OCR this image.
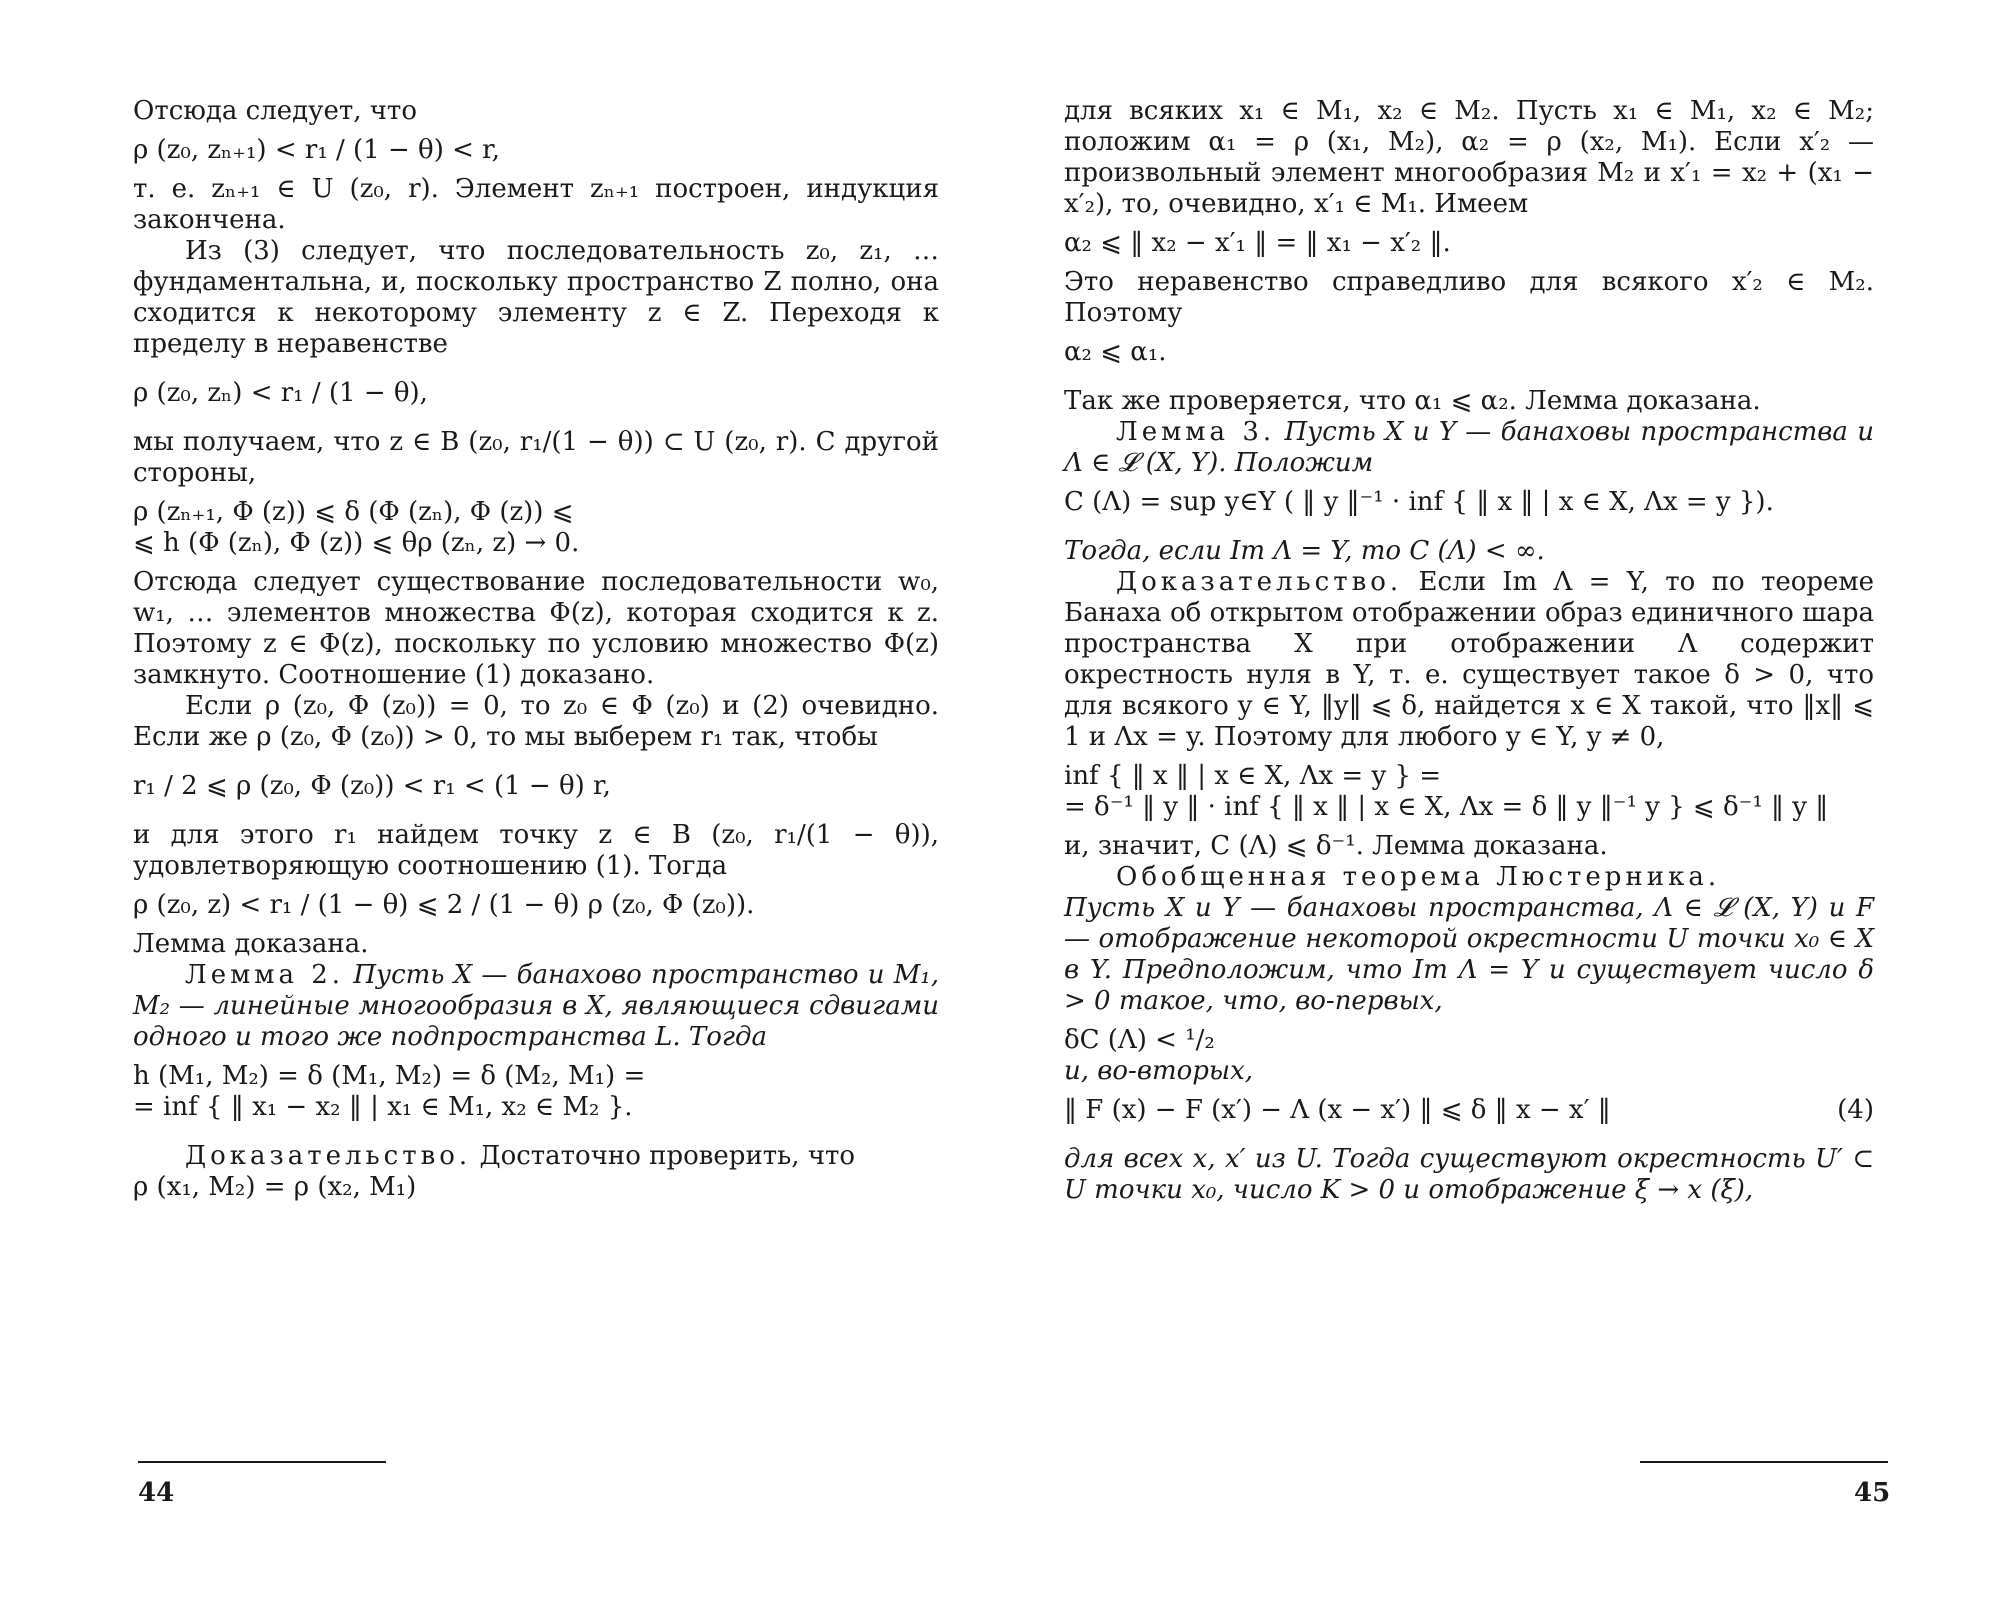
Отсюда следует, что

ρ (z₀, zₙ₊₁) < r₁ / (1 − θ) < r,

т. е. zₙ₊₁ ∈ U (z₀, r). Элемент zₙ₊₁ построен, индукция закончена.

Из (3) следует, что последовательность z₀, z₁, … фундаментальна, и, поскольку пространство Z полно, она сходится к некоторому элементу z ∈ Z. Переходя к пределу в неравенстве

ρ (z₀, zₙ) < r₁ / (1 − θ),

мы получаем, что z ∈ B (z₀, r₁/(1 − θ)) ⊂ U (z₀, r). С другой стороны,

ρ (zₙ₊₁, Φ (z)) ⩽ δ (Φ (zₙ), Φ (z)) ⩽

⩽ h (Φ (zₙ), Φ (z)) ⩽ θρ (zₙ, z) → 0.

Отсюда следует существование последовательности w₀, w₁, … элементов множества Φ(z), которая сходится к z. Поэтому z ∈ Φ(z), поскольку по условию множество Φ(z) замкнуто. Соотношение (1) доказано.

Если ρ (z₀, Φ (z₀)) = 0, то z₀ ∈ Φ (z₀) и (2) очевидно. Если же ρ (z₀, Φ (z₀)) > 0, то мы выберем r₁ так, чтобы

r₁ / 2 ⩽ ρ (z₀, Φ (z₀)) < r₁ < (1 − θ) r,

и для этого r₁ найдем точку z ∈ B (z₀, r₁/(1 − θ)), удовлетворяющую соотношению (1). Тогда

ρ (z₀, z) < r₁ / (1 − θ) ⩽ 2 / (1 − θ) ρ (z₀, Φ (z₀)).

Лемма доказана.

Лемма 2. Пусть X — банахово пространство и M₁, M₂ — линейные многообразия в X, являющиеся сдвигами одного и того же подпространства L. Тогда

h (M₁, M₂) = δ (M₁, M₂) = δ (M₂, M₁) =

= inf { ‖ x₁ − x₂ ‖ | x₁ ∈ M₁, x₂ ∈ M₂ }.

Доказательство. Достаточно проверить, что

ρ (x₁, M₂) = ρ (x₂, M₁)

для всяких x₁ ∈ M₁, x₂ ∈ M₂. Пусть x₁ ∈ M₁, x₂ ∈ M₂; положим α₁ = ρ (x₁, M₂), α₂ = ρ (x₂, M₁). Если x′₂ — произвольный элемент многообразия M₂ и x′₁ = x₂ + (x₁ − x′₂), то, очевидно, x′₁ ∈ M₁. Имеем

α₂ ⩽ ‖ x₂ − x′₁ ‖ = ‖ x₁ − x′₂ ‖.

Это неравенство справедливо для всякого x′₂ ∈ M₂. Поэтому

α₂ ⩽ α₁.

Так же проверяется, что α₁ ⩽ α₂. Лемма доказана.

Лемма 3. Пусть X и Y — банаховы пространства и Λ ∈ 𝓛 (X, Y). Положим

C (Λ) = sup y∈Y ( ‖ y ‖⁻¹ · inf { ‖ x ‖ | x ∈ X, Λx = y }).

Тогда, если Im Λ = Y, то C (Λ) < ∞.

Доказательство. Если Im Λ = Y, то по теореме Банаха об открытом отображении образ единичного шара пространства X при отображении Λ содержит окрестность нуля в Y, т. е. существует такое δ > 0, что для всякого y ∈ Y, ‖y‖ ⩽ δ, найдется x ∈ X такой, что ‖x‖ ⩽ 1 и Λx = y. Поэтому для любого y ∈ Y, y ≠ 0,

inf { ‖ x ‖ | x ∈ X, Λx = y } =

= δ⁻¹ ‖ y ‖ · inf { ‖ x ‖ | x ∈ X, Λx = δ ‖ y ‖⁻¹ y } ⩽ δ⁻¹ ‖ y ‖

и, значит, C (Λ) ⩽ δ⁻¹. Лемма доказана.

Обобщенная теорема Люстерника.

Пусть X и Y — банаховы пространства, Λ ∈ 𝓛 (X, Y) и F — отображение некоторой окрестности U точки x₀ ∈ X в Y. Предположим, что Im Λ = Y и существует число δ > 0 такое, что, во-первых,

δC (Λ) < ¹/₂

и, во-вторых,

(4)
‖ F (x) − F (x′) − Λ (x − x′) ‖ ⩽ δ ‖ x − x′ ‖

для всех x, x′ из U. Тогда существуют окрестность U′ ⊂ U точки x₀, число K > 0 и отображение ξ → x (ξ),

44	45
